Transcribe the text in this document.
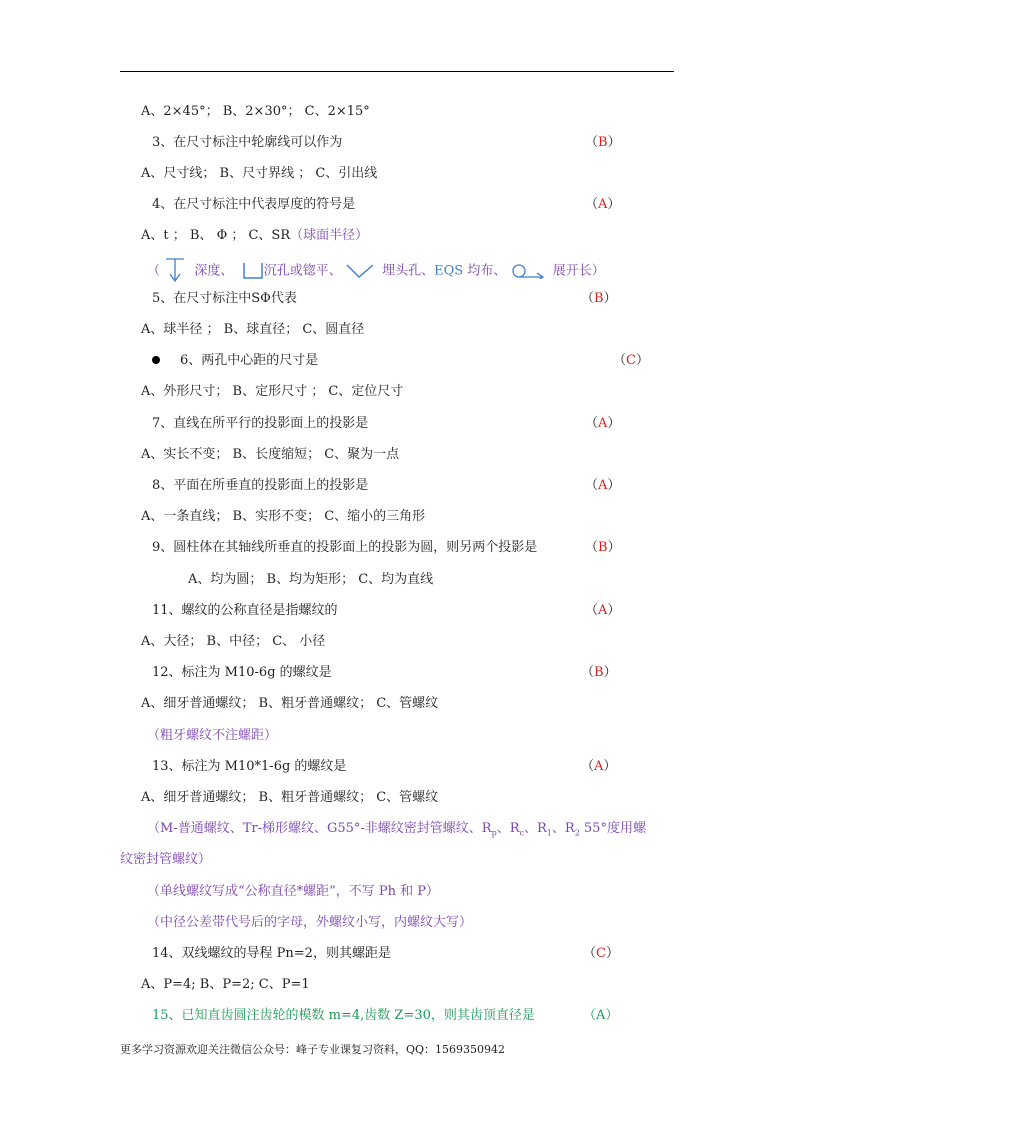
A、2×45°； B、2×30°； C、2×15°
3、在尺寸标注中轮廓线可以作为	（B）
A、尺寸线； B、尺寸界线 ； C、引出线
4、在尺寸标注中代表厚度的符号是	（A）
A、t ； B、 Φ ； C、SR（球面半径）
（	深度、 沉孔或锪平、	埋头孔、EQS 均布、	展开长）
5、在尺寸标注中SΦ代表	（B）
A、球半径 ； B、球直径； C、圆直径
6、两孔中心距的尺寸是	（C）
A、外形尺寸； B、定形尺寸 ； C、定位尺寸
7、直线在所平行的投影面上的投影是	（A）
A、实长不变； B、长度缩短； C、聚为一点
8、平面在所垂直的投影面上的投影是	（A）
A、一条直线； B、实形不变； C、缩小的三角形
9、圆柱体在其轴线所垂直的投影面上的投影为圆，则另两个投影是	（B）
A、均为圆； B、均为矩形； C、均为直线
11、螺纹的公称直径是指螺纹的	（A）
A、大径； B、中径； C、 小径
12、标注为 M10-6g 的螺纹是	（B）
A、细牙普通螺纹； B、粗牙普通螺纹； C、管螺纹
（粗牙螺纹不注螺距）
13、标注为 M10*1-6g 的螺纹是	（A）
A、细牙普通螺纹； B、粗牙普通螺纹； C、管螺纹
（M-普通螺纹、Tr-梯形螺纹、G55°-非螺纹密封管螺纹、$R_p$、$R_c$、$R_1$、$R_2$ 55°度用螺
纹密封管螺纹）
（单线螺纹写成“公称直径*螺距”，不写 Ph 和 P）
（中径公差带代号后的字母，外螺纹小写，内螺纹大写）
14、双线螺纹的导程 Pn=2，则其螺距是	（C）
A、P=4; B、P=2; C、P=1
15、已知直齿圆注齿轮的模数 m=4,齿数 Z=30，则其齿顶直径是	（A）
更多学习资源欢迎关注微信公众号：峰子专业课复习资料，QQ：1569350942
